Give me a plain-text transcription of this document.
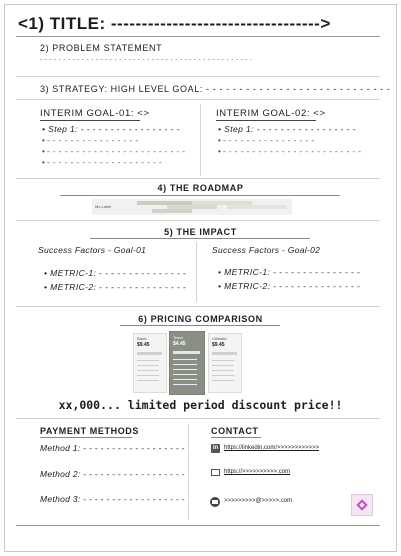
<1) TITLE: ---------------------------------->
2) PROBLEM STATEMENT
- - - - - - - - - - - - - - - - - - - - - - - - - - - - - - - - - - - - - - - - - - - - - -
3) STRATEGY: HIGH LEVEL GOAL: - - - - - - - - - - - - - - - - - - - - - - - - - - - -
INTERIM GOAL-01: <>
• Step 1: - - - - - - - - - - - - - - - - -
• - - - - - - - - - - - - - - - -
• - - - - - - - - - - - - - - - - - - - - - - - -
• - - - - - - - - - - - - - - - - - - - -
INTERIM GOAL-02: <>
• Step 1: - - - - - - - - - - - - - - - - -
• - - - - - - - - - - - - - - - -
• - - - - - - - - - - - - - - - - - - - - - - - -
4) THE ROADMAP
Ms Label
5) THE IMPACT
Success Factors - Goal-01
• METRIC-1: - - - - - - - - - - - - - - -
• METRIC-2: - - - - - - - - - - - - - - -
Success Factors - Goal-02
• METRIC-1: - - - - - - - - - - - - - - -
• METRIC-2: - - - - - - - - - - - - - - -
6) PRICING COMPARISON
Basic
$9.45
Team
$4.45
Ultimate
$9.45
xx,000... limited period discount price!!
PAYMENT METHODS
Method 1: - - - - - - - - - - - - - - - - - -
Method 2: - - - - - - - - - - - - - - - - - -
Method 3: - - - - - - - - - - - - - - - - - -
CONTACT
in https://linkedin.com/>>>>>>>>>>>>
https://>>>>>>>>>>.com
>>>>>>>>>@>>>>>.com
